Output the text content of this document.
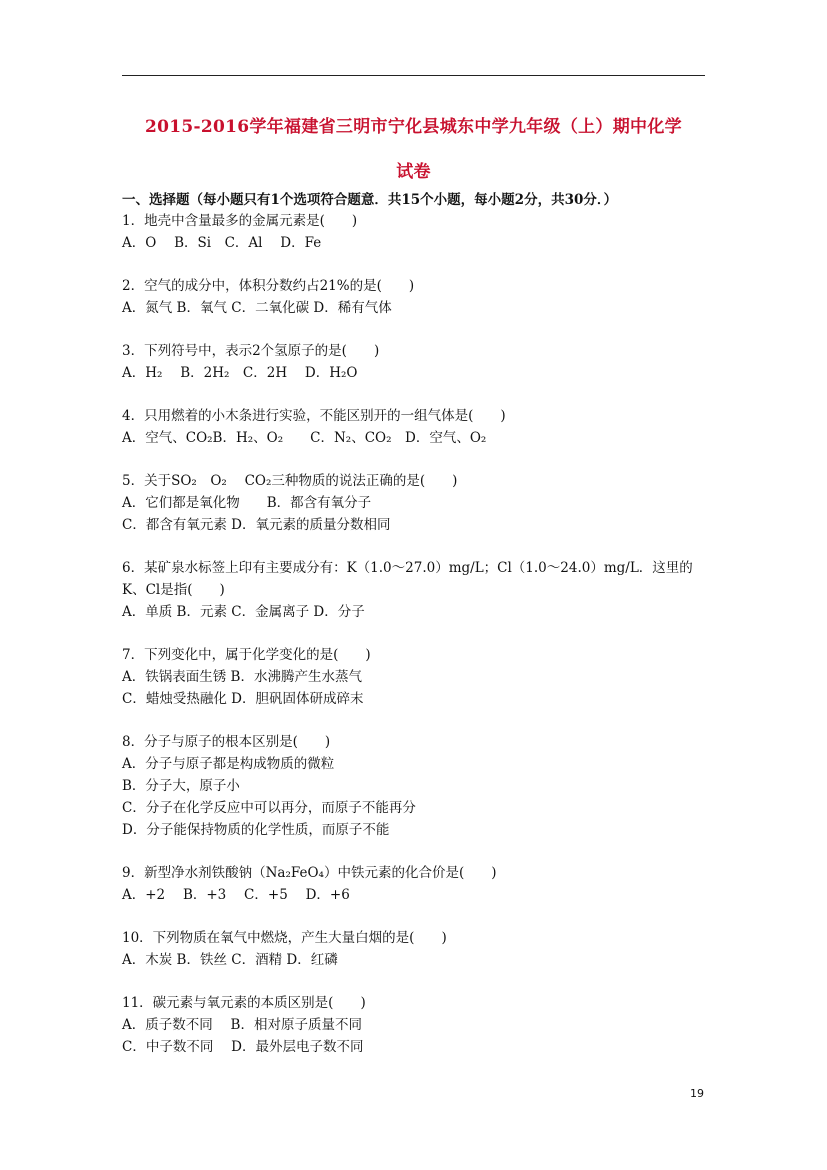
2015-2016学年福建省三明市宁化县城东中学九年级（上）期中化学
试卷
一、选择题（每小题只有1个选项符合题意．共15个小题，每小题2分，共30分．）
1．地壳中含量最多的金属元素是(　　)
A．O　 B．Si　C．Al　 D．Fe
2．空气的成分中，体积分数约占21%的是(　　)
A．氮气 B．氧气 C．二氧化碳 D．稀有气体
3．下列符号中，表示2个氢原子的是(　　)
A．H₂　 B．2H₂　C．2H　 D．H₂O
4．只用燃着的小木条进行实验，不能区别开的一组气体是(　　)
A．空气、CO₂B．H₂、O₂　　C．N₂、CO₂　D．空气、O₂
5．关于SO₂　O₂　 CO₂三种物质的说法正确的是(　　)
A．它们都是氧化物　　B．都含有氧分子
C．都含有氧元素 D．氧元素的质量分数相同
6．某矿泉水标签上印有主要成分有：K（1.0～27.0）mg/L；Cl（1.0～24.0）mg/L．这里的
K、Cl是指(　　)
A．单质 B．元素 C．金属离子 D．分子
7．下列变化中，属于化学变化的是(　　)
A．铁锅表面生锈 B．水沸腾产生水蒸气
C．蜡烛受热融化 D．胆矾固体研成碎末
8．分子与原子的根本区别是(　　)
A．分子与原子都是构成物质的微粒
B．分子大，原子小
C．分子在化学反应中可以再分，而原子不能再分
D．分子能保持物质的化学性质，而原子不能
9．新型净水剂铁酸钠（Na₂FeO₄）中铁元素的化合价是(　　)
A．+2　 B．+3　 C．+5　 D．+6
10．下列物质在氧气中燃烧，产生大量白烟的是(　　)
A．木炭 B．铁丝 C．酒精 D．红磷
11．碳元素与氧元素的本质区别是(　　)
A．质子数不同　 B．相对原子质量不同
C．中子数不同　 D．最外层电子数不同
19
